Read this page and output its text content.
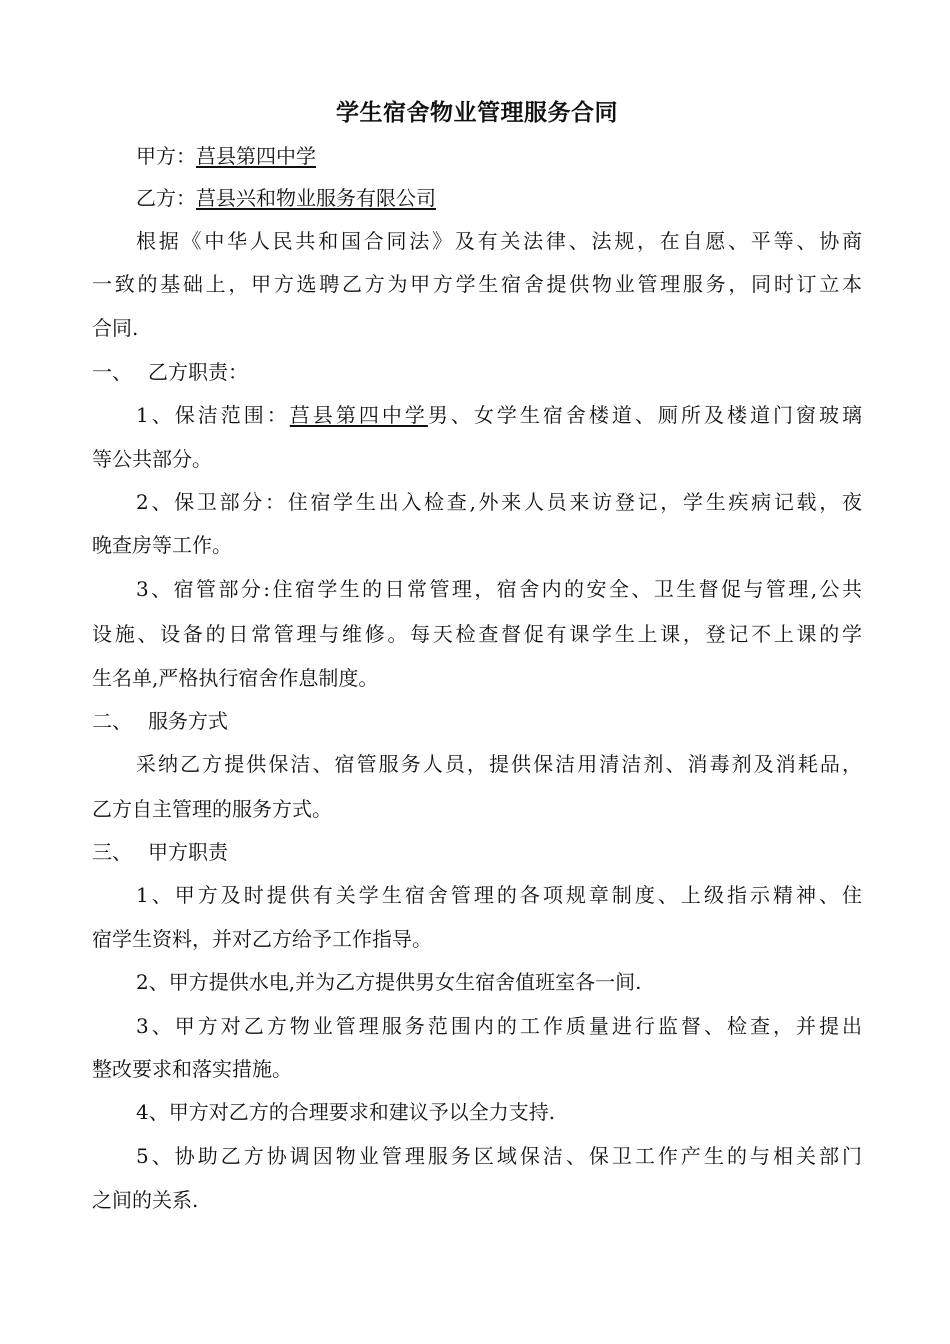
学生宿舍物业管理服务合同
甲方：莒县第四中学
乙方：莒县兴和物业服务有限公司
根据《中华人民共和国合同法》及有关法律、法规，在自愿、平等、协商
一致的基础上，甲方选聘乙方为甲方学生宿舍提供物业管理服务，同时订立本
合同.
一、 乙方职责：
1、保洁范围：莒县第四中学男、女学生宿舍楼道、厕所及楼道门窗玻璃
等公共部分。
2、保卫部分：住宿学生出入检查,外来人员来访登记，学生疾病记载，夜
晚查房等工作。
3、宿管部分:住宿学生的日常管理，宿舍内的安全、卫生督促与管理,公共
设施、设备的日常管理与维修。每天检查督促有课学生上课，登记不上课的学
生名单,严格执行宿舍作息制度。
二、 服务方式
采纳乙方提供保洁、宿管服务人员，提供保洁用清洁剂、消毒剂及消耗品，
乙方自主管理的服务方式。
三、 甲方职责
1、甲方及时提供有关学生宿舍管理的各项规章制度、上级指示精神、住
宿学生资料，并对乙方给予工作指导。
2、甲方提供水电,并为乙方提供男女生宿舍值班室各一间.
3、甲方对乙方物业管理服务范围内的工作质量进行监督、检查，并提出
整改要求和落实措施。
4、甲方对乙方的合理要求和建议予以全力支持.
5、协助乙方协调因物业管理服务区域保洁、保卫工作产生的与相关部门
之间的关系.
